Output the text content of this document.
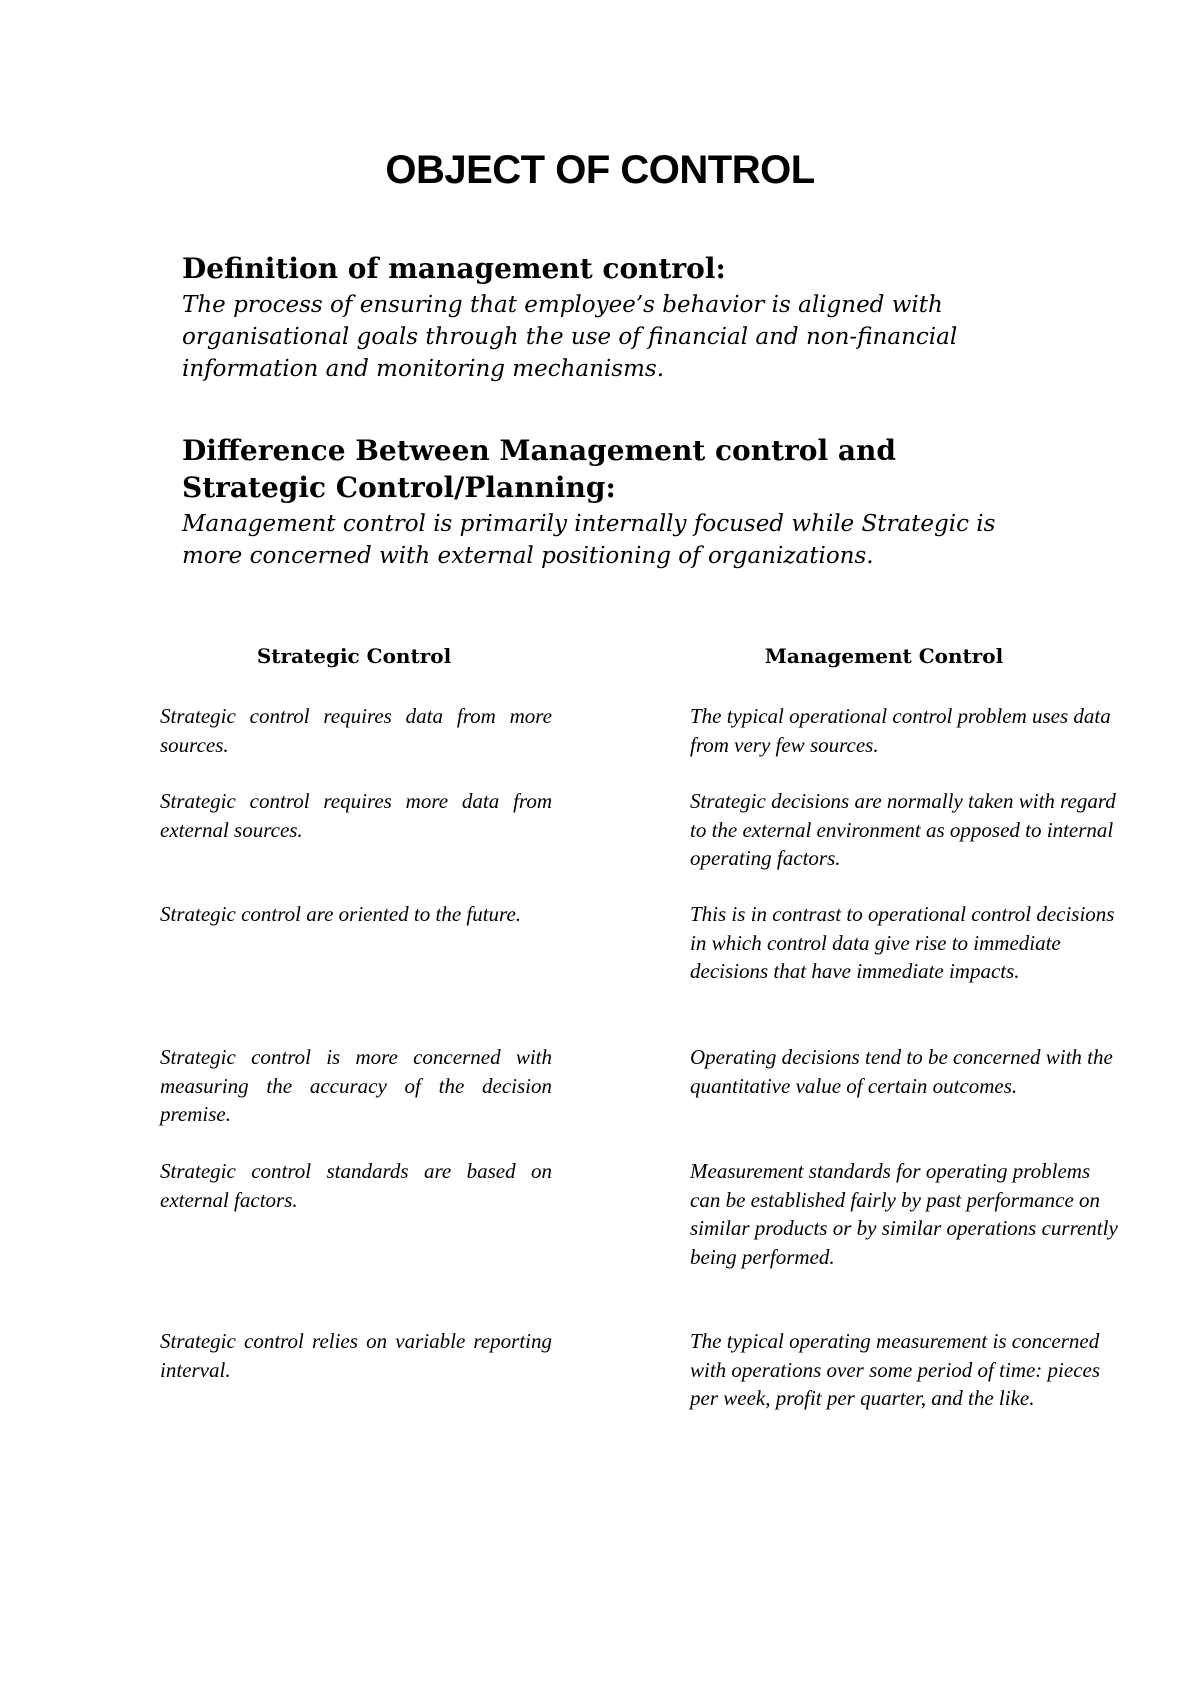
OBJECT OF CONTROL

Definition of management control:

The process of ensuring that employee’s behavior is aligned with organisational goals through the use of financial and non-financial information and monitoring mechanisms.

Difference Between Management control and Strategic Control/Planning:

Management control is primarily internally focused while Strategic is more concerned with external positioning of organizations.

Strategic Control	Management Control

Strategic control requires data from more sources.

The typical operational control problem uses data from very few sources.

Strategic control requires more data from external sources.

Strategic decisions are normally taken with regard to the external environment as opposed to internal operating factors.

Strategic control are oriented to the future.	This is in contrast to operational control decisions in which control data give rise to immediate decisions that have immediate impacts.

Strategic control is more concerned with measuring the accuracy of the decision premise.

Operating decisions tend to be concerned with the quantitative value of certain outcomes.

Strategic control standards are based on external factors.

Measurement standards for operating problems can be established fairly by past performance on similar products or by similar operations currently being performed.

Strategic control relies on variable reporting interval.

The typical operating measurement is concerned with operations over some period of time: pieces per week, profit per quarter, and the like.
